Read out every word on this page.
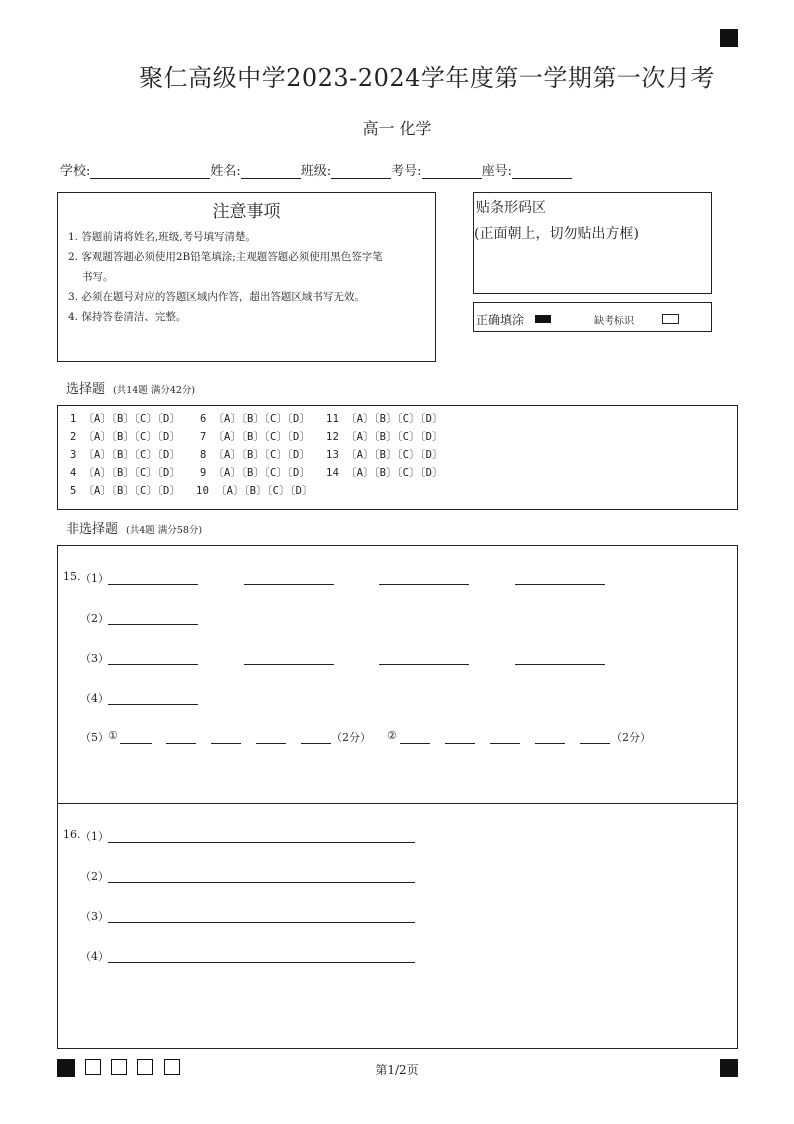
聚仁高级中学2023-2024学年度第一学期第一次月考
高一 化学
学校:	姓名:	班级:	考号:	座号:
注意事项
1. 答题前请将姓名,班级,考号填写清楚。
2. 客观题答题必须使用2B铅笔填涂;主观题答题必须使用黑色签字笔
书写。
3. 必须在题号对应的答题区域内作答，超出答题区域书写无效。
4. 保持答卷清洁、完整。
贴条形码区
(正面朝上，切勿贴出方框)
正确填涂	缺考标识
选择题 (共14题 满分42分)
1 〔A〕〔B〕〔C〕〔D〕
2 〔A〕〔B〕〔C〕〔D〕
3 〔A〕〔B〕〔C〕〔D〕
4 〔A〕〔B〕〔C〕〔D〕
5 〔A〕〔B〕〔C〕〔D〕
6 〔A〕〔B〕〔C〕〔D〕
7 〔A〕〔B〕〔C〕〔D〕
8 〔A〕〔B〕〔C〕〔D〕
9 〔A〕〔B〕〔C〕〔D〕
10 〔A〕〔B〕〔C〕〔D〕
11 〔A〕〔B〕〔C〕〔D〕
12 〔A〕〔B〕〔C〕〔D〕
13 〔A〕〔B〕〔C〕〔D〕
14 〔A〕〔B〕〔C〕〔D〕
非选择题 (共4题 满分58分)
15. （1）
（2）
（3）
（4）
（5） ①	（2分） ②	（2分）
16. （1）
（2）
（3）
（4）
第1/2页
